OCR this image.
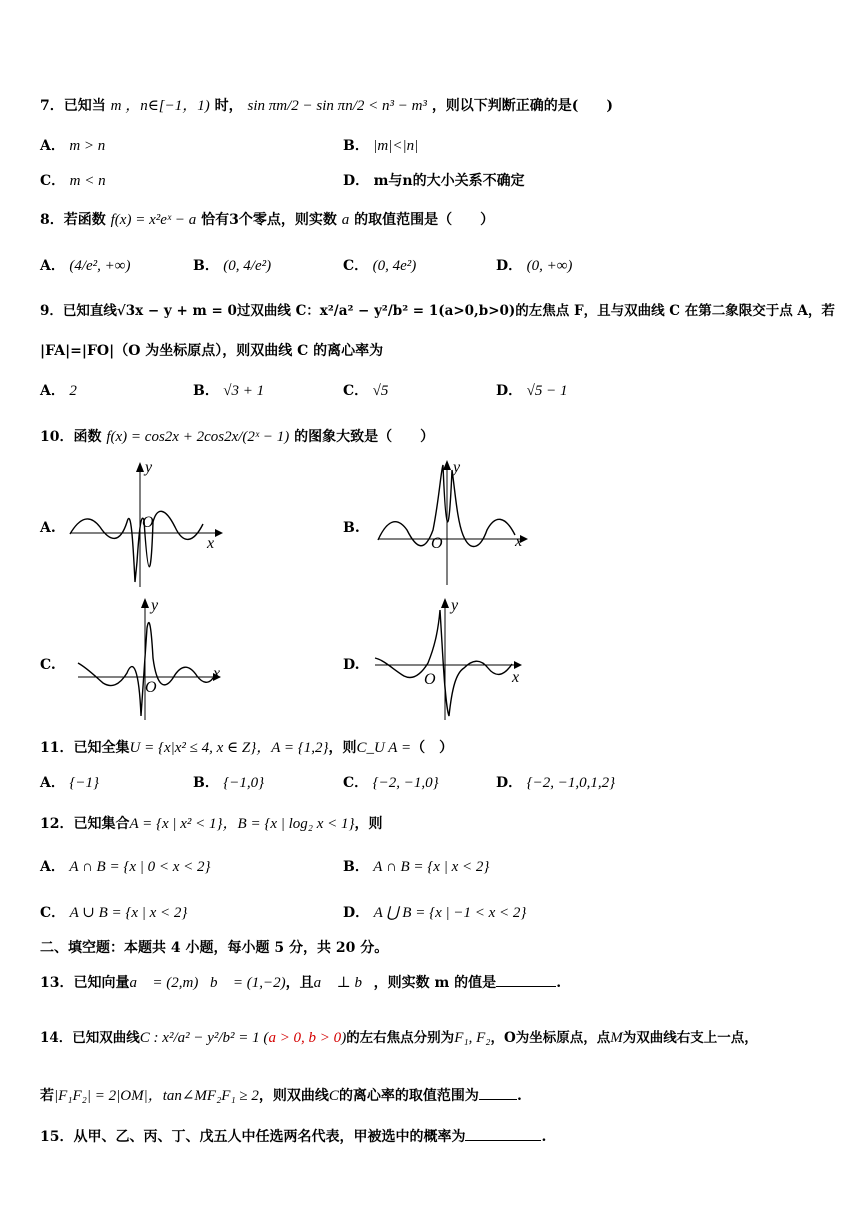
7．已知当 m ，n∈[−1，1) 时， sin πm/2 − sin πn/2 < n³ − m³ ，则以下判断正确的是(　　)
A． m > n	B． |m|<|n|
C． m < n	D． m与n的大小关系不确定
8．若函数 f(x) = x²eˣ − a 恰有3个零点，则实数 a 的取值范围是（　　）
A． (4/e², +∞)	B． (0, 4/e²)	C． (0, 4e²)	D． (0, +∞)
9．已知直线√3x − y + m = 0过双曲线 C：x²/a² − y²/b² = 1(a>0,b>0)的左焦点 F，且与双曲线 C 在第二象限交于点 A，若
|FA|=|FO|（O 为坐标原点），则双曲线 C 的离心率为
A． 2	B． √3 + 1	C． √5	D． √5 − 1
10．函数 f(x) = cos2x + 2cos2x/(2ˣ − 1) 的图象大致是（　　）
A.
y
x
O	B.
y
x
O
C.
y
x
O
D.
y
x
O
11．已知全集U = {x|x² ≤ 4, x ∈ Z}，A = {1,2}，则C_U A =（　）
A． {−1}	B． {−1,0}	C． {−2, −1,0}	D． {−2, −1,0,1,2}
12．已知集合A = {x | x² < 1}，B = {x | log₂ x < 1}，则
A． A ∩ B = {x | 0 < x < 2}	B． A ∩ B = {x | x < 2}
C． A ∪ B = {x | x < 2}	D． A ⋃ B = {x | −1 < x < 2}
二、填空题：本题共 4 小题，每小题 5 分，共 20 分。
13．已知向量a⃗ = (2,m)，b⃗ = (1,−2)，且a⃗ ⊥ b⃗，则实数 m 的值是	.
14．已知双曲线C : x²/a² − y²/b² = 1 (a > 0, b > 0)的左右焦点分别为F₁, F₂，O为坐标原点，点M为双曲线右支上一点，
若|F₁F₂| = 2|OM|，tan∠MF₂F₁ ≥ 2，则双曲线C的离心率的取值范围为	.
15．从甲、乙、丙、丁、戊五人中任选两名代表，甲被选中的概率为	.
